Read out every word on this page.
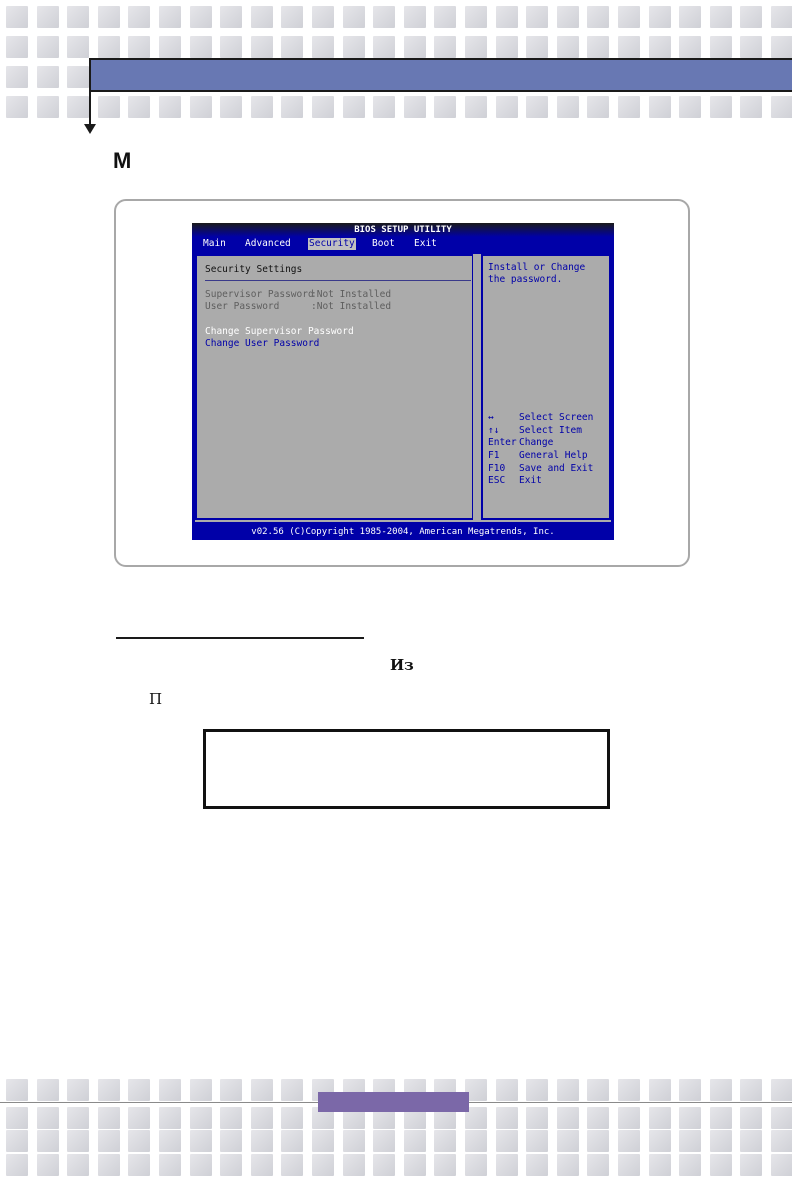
M
BIOS SETUP UTILITY
Main Advanced Security Boot Exit
Security Settings
Supervisor Password
:Not Installed
User Password
:Not Installed
Change Supervisor Password
Change User Password
Install or Change the password.
↔	Select Screen
↑↓ Select Item
Enter Change
F1 General Help
F10 Save and Exit
ESC Exit
v02.56 (C)Copyright 1985-2004, American Megatrends, Inc.
Из
П
